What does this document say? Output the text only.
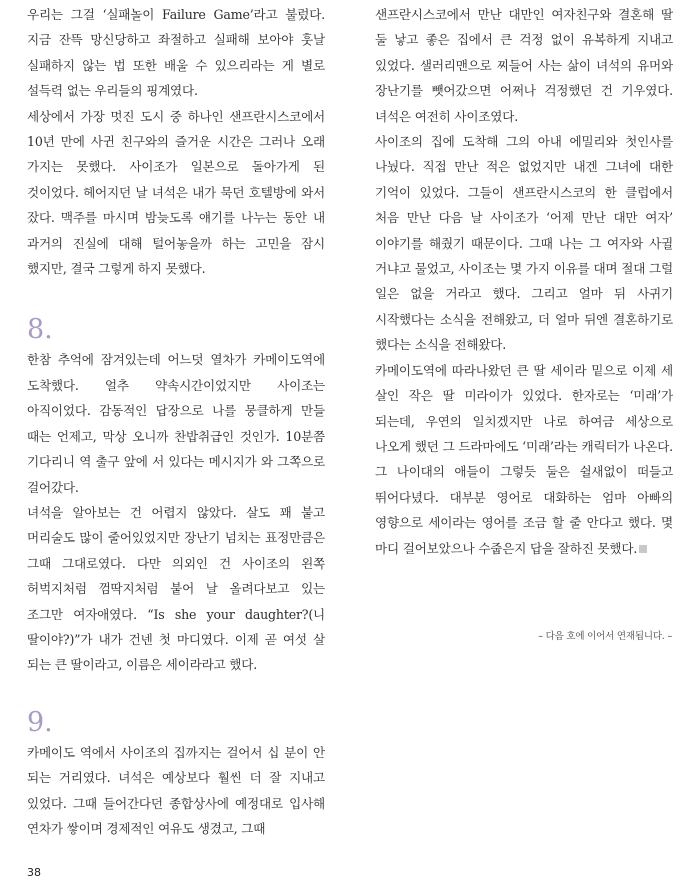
우리는 그걸 ‘실패놀이 Failure Game’라고 불렀다. 지금 잔뜩 망신당하고 좌절하고 실패해 보아야 훗날 실패하지 않는 법 또한 배울 수 있으리라는 게 별로 설득력 없는 우리들의 핑계였다.

세상에서 가장 멋진 도시 중 하나인 샌프란시스코에서 10년 만에 사귄 친구와의 즐거운 시간은 그러나 오래 가지는 못했다. 사이조가 일본으로 돌아가게 된 것이었다. 헤어지던 날 녀석은 내가 묵던 호텔방에 와서 잤다. 맥주를 마시며 밤늦도록 얘기를 나누는 동안 내 과거의 진실에 대해 털어놓을까 하는 고민을 잠시 했지만, 결국 그렇게 하지 못했다.

8.

한참 추억에 잠겨있는데 어느덧 열차가 카메이도역에 도착했다. 얼추 약속시간이었지만 사이조는 아직이었다. 감동적인 답장으로 나를 뭉클하게 만들 때는 언제고, 막상 오니까 찬밥취급인 것인가. 10분쯤 기다리니 역 출구 앞에 서 있다는 메시지가 와 그쪽으로 걸어갔다.

녀석을 알아보는 건 어렵지 않았다. 살도 꽤 붙고 머리술도 많이 줄어있었지만 장난기 넘치는 표정만큼은 그때 그대로였다. 다만 의외인 건 사이조의 왼쪽 허벅지처럼 껌딱지처럼 붙어 날 올려다보고 있는 조그만 여자애였다. “Is she your daughter?(니 딸이야?)”가 내가 건넨 첫 마디였다. 이제 곧 여섯 살 되는 큰 딸이라고, 이름은 세이라라고 했다.

9.

카메이도 역에서 사이조의 집까지는 걸어서 십 분이 안 되는 거리였다. 녀석은 예상보다 훨씬 더 잘 지내고 있었다. 그때 들어간다던 종합상사에 예정대로 입사해 연차가 쌓이며 경제적인 여유도 생겼고, 그때

샌프란시스코에서 만난 대만인 여자친구와 결혼해 딸 둘 낳고 좋은 집에서 큰 걱정 없이 유복하게 지내고 있었다. 샐러리맨으로 찌들어 사는 삶이 녀석의 유머와 장난기를 뺏어갔으면 어쩌나 걱정했던 건 기우였다. 녀석은 여전히 사이조였다.

사이조의 집에 도착해 그의 아내 에밀리와 첫인사를 나눴다. 직접 만난 적은 없었지만 내겐 그녀에 대한 기억이 있었다. 그들이 샌프란시스코의 한 클럽에서 처음 만난 다음 날 사이조가 ‘어제 만난 대만 여자’ 이야기를 해줬기 때문이다. 그때 나는 그 여자와 사귈 거냐고 물었고, 사이조는 몇 가지 이유를 대며 절대 그럴 일은 없을 거라고 했다. 그리고 얼마 뒤 사귀기 시작했다는 소식을 전해왔고, 더 얼마 뒤엔 결혼하기로 했다는 소식을 전해왔다.

카메이도역에 따라나왔던 큰 딸 세이라 밑으로 이제 세 살인 작은 딸 미라이가 있었다. 한자로는 ‘미래’가 되는데, 우연의 일치겠지만 나로 하여금 세상으로 나오게 했던 그 드라마에도 ‘미래’라는 캐릭터가 나온다. 그 나이대의 애들이 그렇듯 둘은 쉴새없이 떠들고 뛰어다녔다. 대부분 영어로 대화하는 엄마 아빠의 영향으로 세이라는 영어를 조금 할 줄 안다고 했다. 몇 마디 걸어보았으나 수줍은지 답을 잘하진 못했다.

– 다음 호에 이어서 연재됩니다. –
38
